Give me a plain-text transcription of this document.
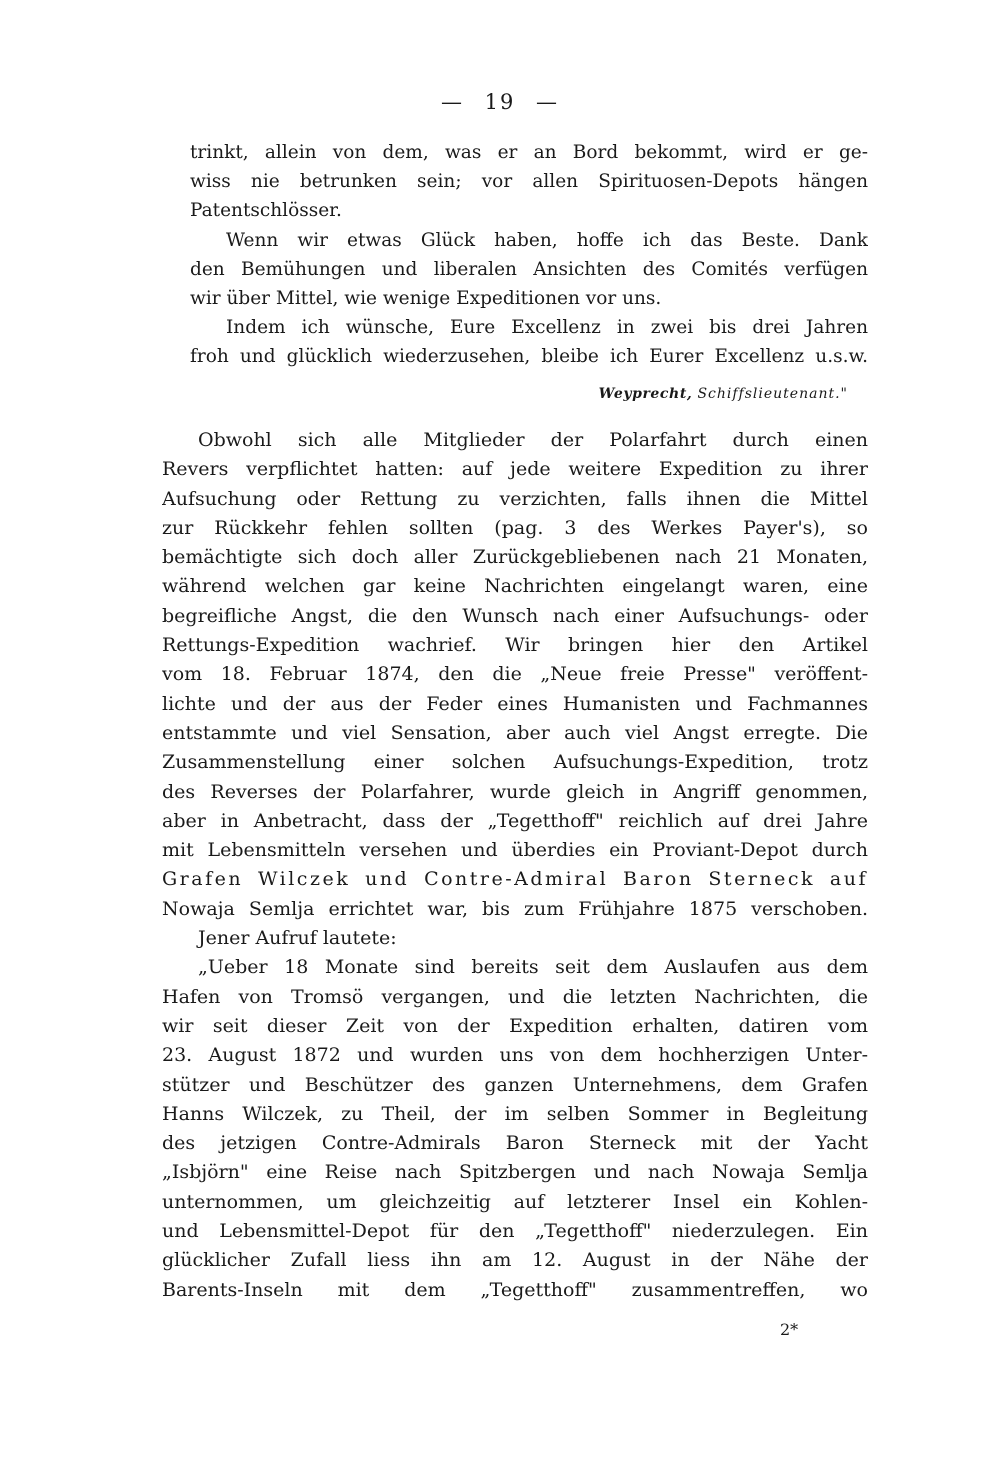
— 19 —
trinkt, allein von dem, was er an Bord bekommt, wird er ge-
wiss nie betrunken sein; vor allen Spirituosen-Depots hängen
Patentschlösser.
Wenn wir etwas Glück haben, hoffe ich das Beste. Dank
den Bemühungen und liberalen Ansichten des Comités verfügen
wir über Mittel, wie wenige Expeditionen vor uns.
Indem ich wünsche, Eure Excellenz in zwei bis drei Jahren
froh und glücklich wiederzusehen, bleibe ich Eurer Excellenz u.s.w.
Weyprecht, Schiffslieutenant."
Obwohl sich alle Mitglieder der Polarfahrt durch einen
Revers verpflichtet hatten: auf jede weitere Expedition zu ihrer
Aufsuchung oder Rettung zu verzichten, falls ihnen die Mittel
zur Rückkehr fehlen sollten (pag. 3 des Werkes Payer's), so
bemächtigte sich doch aller Zurückgebliebenen nach 21 Monaten,
während welchen gar keine Nachrichten eingelangt waren, eine
begreifliche Angst, die den Wunsch nach einer Aufsuchungs- oder
Rettungs-Expedition wachrief. Wir bringen hier den Artikel
vom 18. Februar 1874, den die „Neue freie Presse" veröffent-
lichte und der aus der Feder eines Humanisten und Fachmannes
entstammte und viel Sensation, aber auch viel Angst erregte. Die
Zusammenstellung einer solchen Aufsuchungs-Expedition, trotz
des Reverses der Polarfahrer, wurde gleich in Angriff genommen,
aber in Anbetracht, dass der „Tegetthoff" reichlich auf drei Jahre
mit Lebensmitteln versehen und überdies ein Proviant-Depot durch
Grafen Wilczek und Contre-Admiral Baron Sterneck auf
Nowaja Semlja errichtet war, bis zum Frühjahre 1875 verschoben.
Jener Aufruf lautete:
„Ueber 18 Monate sind bereits seit dem Auslaufen aus dem
Hafen von Tromsö vergangen, und die letzten Nachrichten, die
wir seit dieser Zeit von der Expedition erhalten, datiren vom
23. August 1872 und wurden uns von dem hochherzigen Unter-
stützer und Beschützer des ganzen Unternehmens, dem Grafen
Hanns Wilczek, zu Theil, der im selben Sommer in Begleitung
des jetzigen Contre-Admirals Baron Sterneck mit der Yacht
„Isbjörn" eine Reise nach Spitzbergen und nach Nowaja Semlja
unternommen, um gleichzeitig auf letzterer Insel ein Kohlen-
und Lebensmittel-Depot für den „Tegetthoff" niederzulegen. Ein
glücklicher Zufall liess ihn am 12. August in der Nähe der
Barents-Inseln mit dem „Tegetthoff" zusammentreffen, wo
2*
